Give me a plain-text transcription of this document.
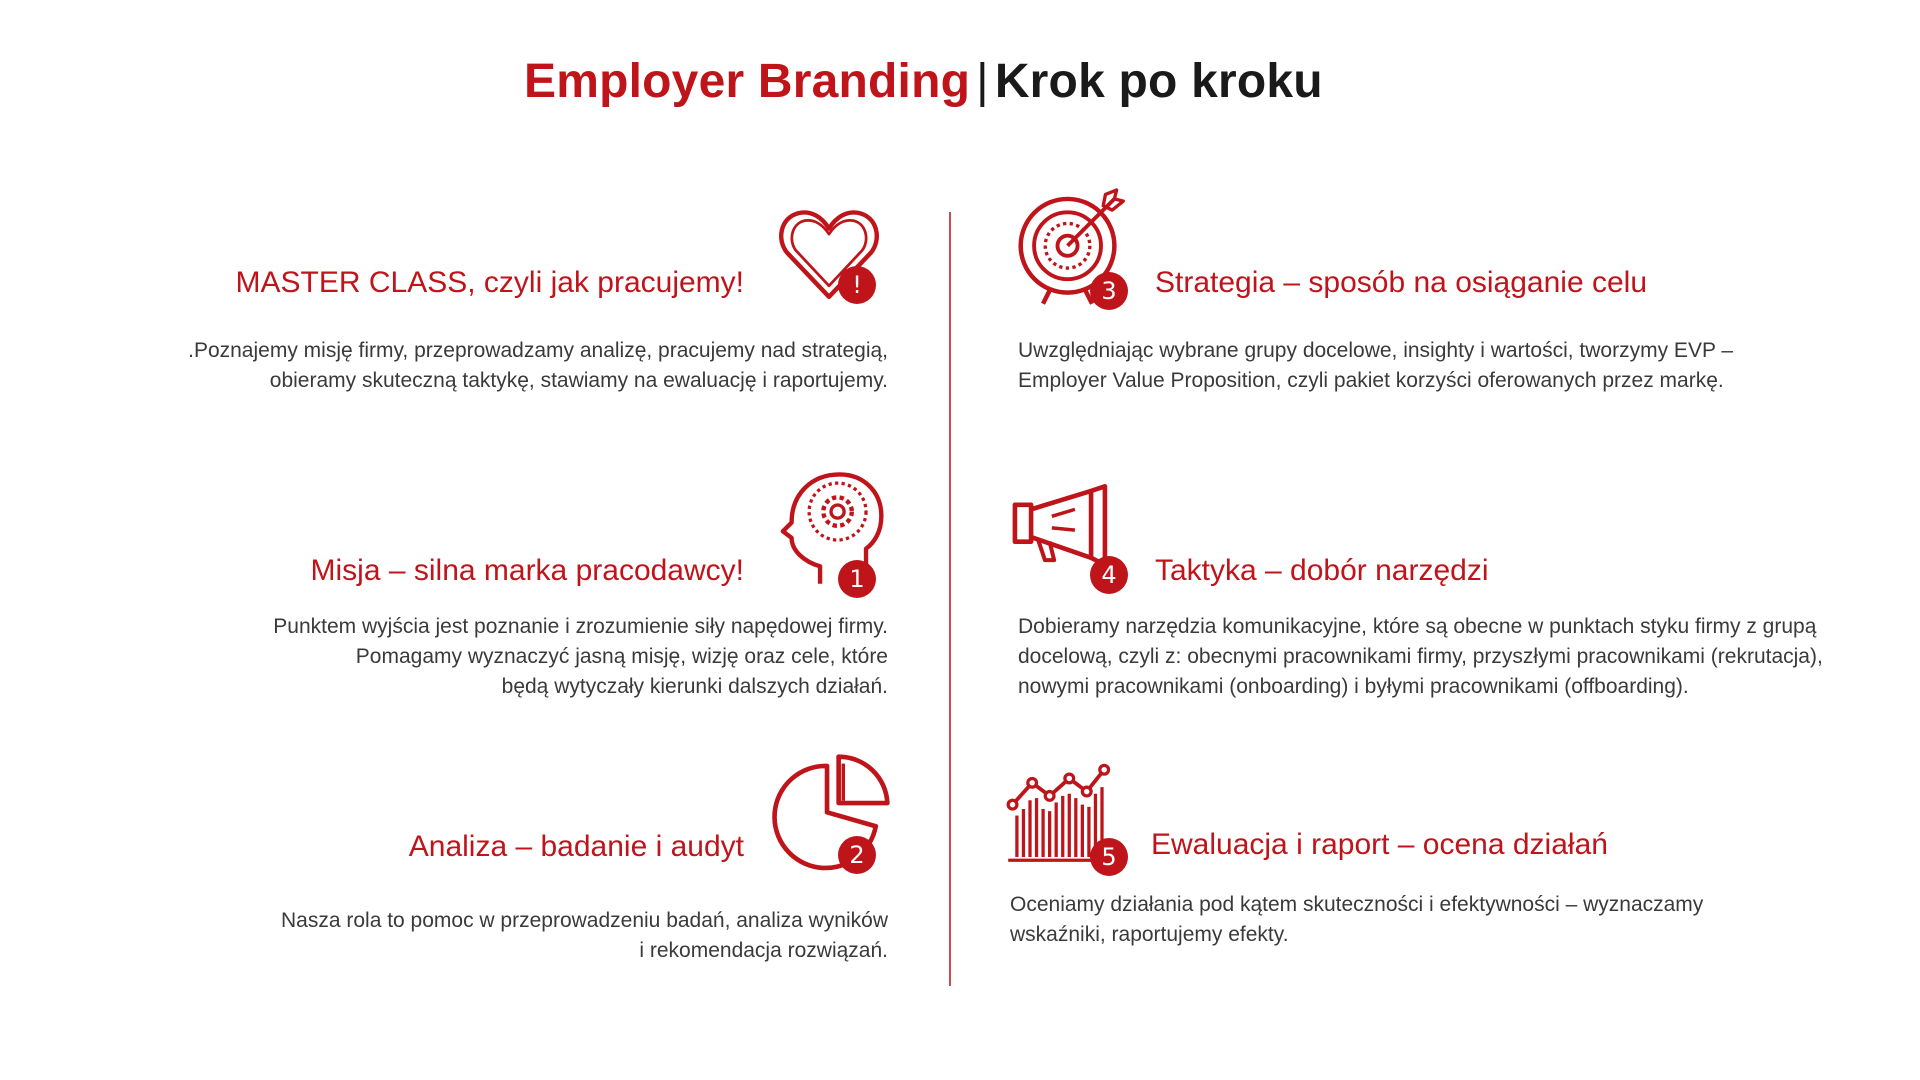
Employer Branding | Krok po kroku
!
MASTER CLASS, czyli jak pracujemy!
.Poznajemy misję firmy, przeprowadzamy analizę, pracujemy nad strategią,
obieramy skuteczną taktykę, stawiamy na ewaluację i raportujemy.
1
Misja – silna marka pracodawcy!
Punktem wyjścia jest poznanie i zrozumienie siły napędowej firmy.
Pomagamy wyznaczyć jasną misję, wizję oraz cele, które
będą wytyczały kierunki dalszych działań.
2
Analiza – badanie i audyt
Nasza rola to pomoc w przeprowadzeniu badań, analiza wyników
i rekomendacja rozwiązań.
3	Strategia – sposób na osiąganie celu
Uwzględniając wybrane grupy docelowe, insighty i wartości, tworzymy EVP –
Employer Value Proposition, czyli pakiet korzyści oferowanych przez markę.
4	Taktyka – dobór narzędzi
Dobieramy narzędzia komunikacyjne, które są obecne w punktach styku firmy z grupą
docelową, czyli z: obecnymi pracownikami firmy, przyszłymi pracownikami (rekrutacja),
nowymi pracownikami (onboarding) i byłymi pracownikami (offboarding).
5	Ewaluacja i raport – ocena działań
Oceniamy działania pod kątem skuteczności i efektywności – wyznaczamy
wskaźniki, raportujemy efekty.
